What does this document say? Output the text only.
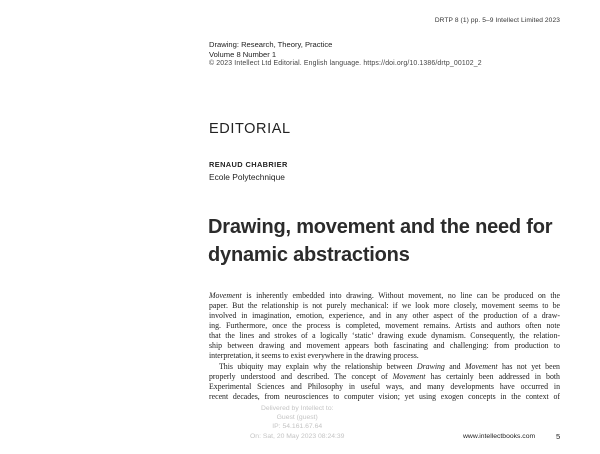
DRTP 8 (1) pp. 5–9 Intellect Limited 2023
Drawing: Research, Theory, Practice
Volume 8 Number 1
© 2023 Intellect Ltd Editorial. English language. https://doi.org/10.1386/drtp_00102_2
EDITORIAL
RENAUD CHABRIER
Ecole Polytechnique
Drawing, movement and the need for dynamic abstractions
Movement is inherently embedded into drawing. Without movement, no line can be produced on the
paper. But the relationship is not purely mechanical: if we look more closely, movement seems to be
involved in imagination, emotion, experience, and in any other aspect of the production of a draw-
ing. Furthermore, once the process is completed, movement remains. Artists and authors often note
that the lines and strokes of a logically ‘static’ drawing exude dynamism. Consequently, the relation-
ship between drawing and movement appears both fascinating and challenging: from production to
interpretation, it seems to exist everywhere in the drawing process.
This ubiquity may explain why the relationship between Drawing and Movement has not yet been
properly understood and described. The concept of Movement has certainly been addressed in both
Experimental Sciences and Philosophy in useful ways, and many developments have occurred in
recent decades, from neurosciences to computer vision; yet using exogen concepts in the context of
Delivered by Intellect to:
Guest (guest)
IP: 54.161.67.64
On: Sat, 20 May 2023 08:24:39	www.intellectbooks.com	5
